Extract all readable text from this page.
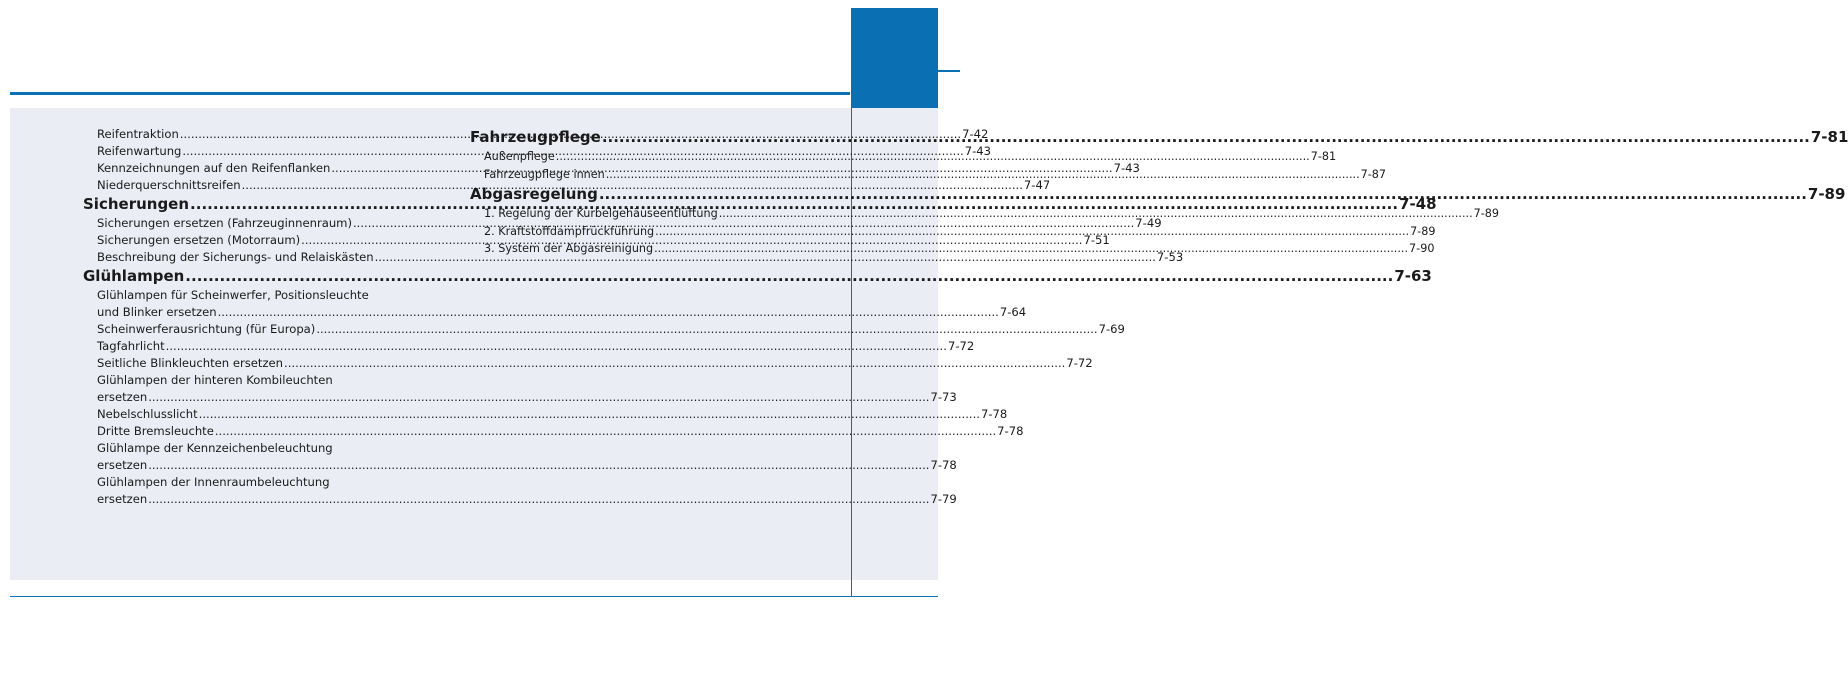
Reifentraktion .....	7-42
Reifenwartung .....	7-43
Kennzeichnungen auf den Reifenflanken .....	7-43
Niederquerschnittsreifen .....	7-47
Sicherungen .....	7-48
Sicherungen ersetzen (Fahrzeuginnenraum) .....	7-49
Sicherungen ersetzen (Motorraum) .....	7-51
Beschreibung der Sicherungs- und Relaiskästen .....	7-53
Glühlampen .....	7-63
Glühlampen für Scheinwerfer, Positionsleuchte
und Blinker ersetzen .....	7-64
Scheinwerferausrichtung (für Europa) .....	7-69
Tagfahrlicht .....	7-72
Seitliche Blinkleuchten ersetzen .....	7-72
Glühlampen der hinteren Kombileuchten
ersetzen .....	7-73
Nebelschlusslicht .....	7-78
Dritte Bremsleuchte .....	7-78
Glühlampe der Kennzeichenbeleuchtung
ersetzen .....	7-78
Glühlampen der Innenraumbeleuchtung
ersetzen .....	7-79
Fahrzeugpflege .....	7-81
Außenpflege .....	7-81
Fahrzeugpflege innen .....	7-87
Abgasregelung .....	7-89
1. Regelung der Kurbelgehäuseentlüftung .....	7-89
2. Kraftstoffdampfrückführung .....	7-89
3. System der Abgasreinigung .....	7-90
